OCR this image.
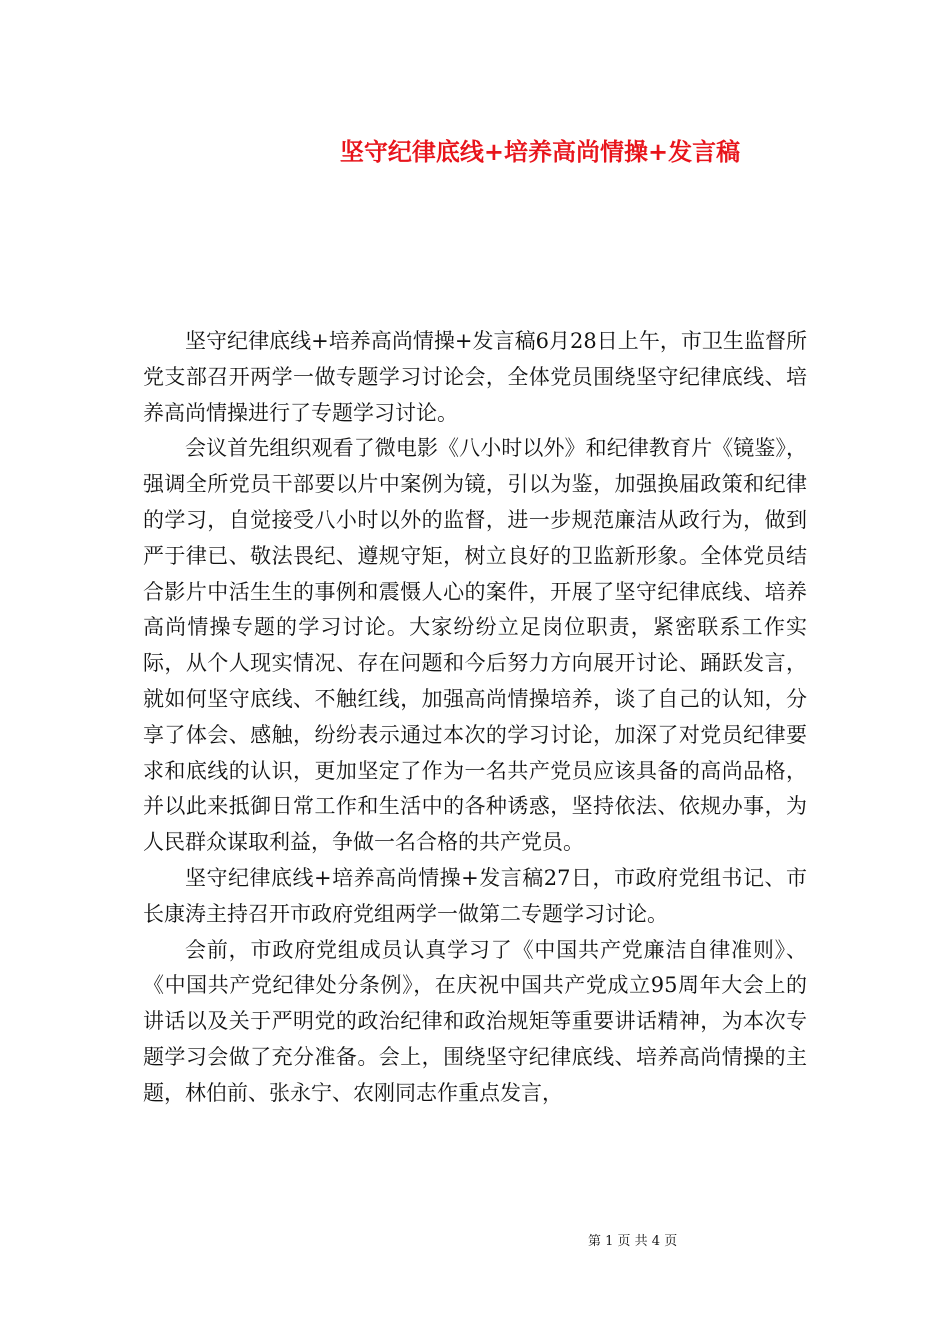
坚守纪律底线+培养高尚情操+发言稿

坚守纪律底线+培养高尚情操+发言稿6月28日上午，市卫生监督所党支部召开两学一做专题学习讨论会，全体党员围绕坚守纪律底线、培养高尚情操进行了专题学习讨论。

会议首先组织观看了微电影《八小时以外》和纪律教育片《镜鉴》，强调全所党员干部要以片中案例为镜，引以为鉴，加强换届政策和纪律的学习，自觉接受八小时以外的监督，进一步规范廉洁从政行为，做到严于律已、敬法畏纪、遵规守矩，树立良好的卫监新形象。全体党员结合影片中活生生的事例和震慑人心的案件，开展了坚守纪律底线、培养高尚情操专题的学习讨论。大家纷纷立足岗位职责，紧密联系工作实际，从个人现实情况、存在问题和今后努力方向展开讨论、踊跃发言，就如何坚守底线、不触红线，加强高尚情操培养，谈了自己的认知，分享了体会、感触，纷纷表示通过本次的学习讨论，加深了对党员纪律要求和底线的认识，更加坚定了作为一名共产党员应该具备的高尚品格，并以此来抵御日常工作和生活中的各种诱惑，坚持依法、依规办事，为人民群众谋取利益，争做一名合格的共产党员。

坚守纪律底线+培养高尚情操+发言稿27日，市政府党组书记、市长康涛主持召开市政府党组两学一做第二专题学习讨论。

会前，市政府党组成员认真学习了《中国共产党廉洁自律准则》、《中国共产党纪律处分条例》，在庆祝中国共产党成立95周年大会上的讲话以及关于严明党的政治纪律和政治规矩等重要讲话精神，为本次专题学习会做了充分准备。会上，围绕坚守纪律底线、培养高尚情操的主题，林伯前、张永宁、农刚同志作重点发言，

第 1 页 共 4 页
